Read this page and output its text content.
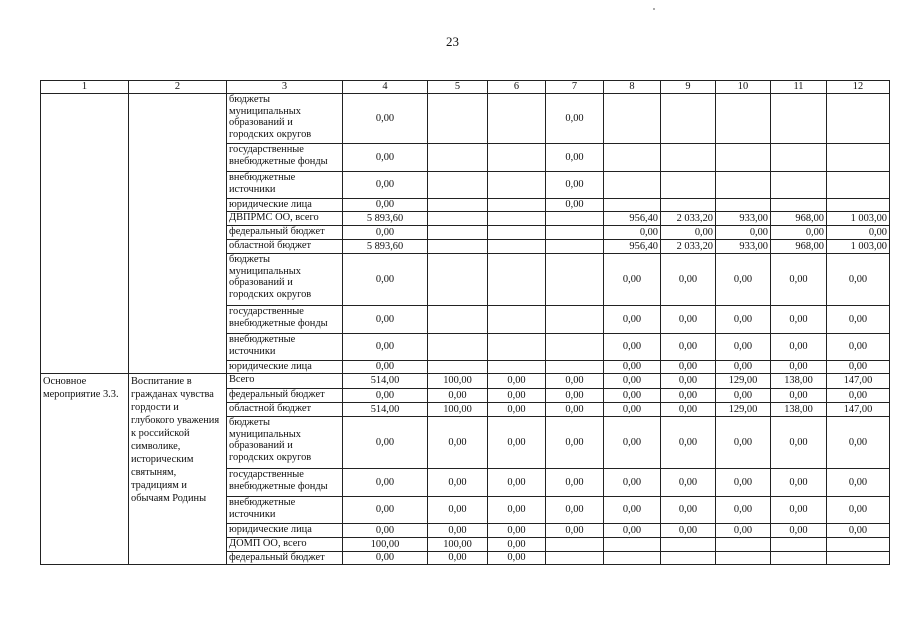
23
1	2	3	4	5	6	7	8	9	10	11	12
		бюджеты муниципальных образований и городских округов	0,00			0,00					
		государственные внебюджетные фонды	0,00			0,00					
		внебюджетные источники	0,00			0,00					
		юридические лица	0,00			0,00					
		ДВПРМС ОО, всего	5 893,60				956,40	2 033,20	933,00	968,00	1 003,00
		федеральный бюджет	0,00				0,00	0,00	0,00	0,00	0,00
		областной бюджет	5 893,60				956,40	2 033,20	933,00	968,00	1 003,00
		бюджеты муниципальных образований и городских округов	0,00				0,00	0,00	0,00	0,00	0,00
		государственные внебюджетные фонды	0,00				0,00	0,00	0,00	0,00	0,00
		внебюджетные источники	0,00				0,00	0,00	0,00	0,00	0,00
		юридические лица	0,00				0,00	0,00	0,00	0,00	0,00
Основное мероприятие 3.3.	Воспитание в гражданах чувства гордости и глубокого уважения к российской символике, историческим святыням, традициям и обычаям Родины	Всего	514,00	100,00	0,00	0,00	0,00	0,00	129,00	138,00	147,00
		федеральный бюджет	0,00	0,00	0,00	0,00	0,00	0,00	0,00	0,00	0,00
		областной бюджет	514,00	100,00	0,00	0,00	0,00	0,00	129,00	138,00	147,00
		бюджеты муниципальных образований и городских округов	0,00	0,00	0,00	0,00	0,00	0,00	0,00	0,00	0,00
		государственные внебюджетные фонды	0,00	0,00	0,00	0,00	0,00	0,00	0,00	0,00	0,00
		внебюджетные источники	0,00	0,00	0,00	0,00	0,00	0,00	0,00	0,00	0,00
		юридические лица	0,00	0,00	0,00	0,00	0,00	0,00	0,00	0,00	0,00
		ДОМП ОО, всего	100,00	100,00	0,00						
		федеральный бюджет	0,00	0,00	0,00						
